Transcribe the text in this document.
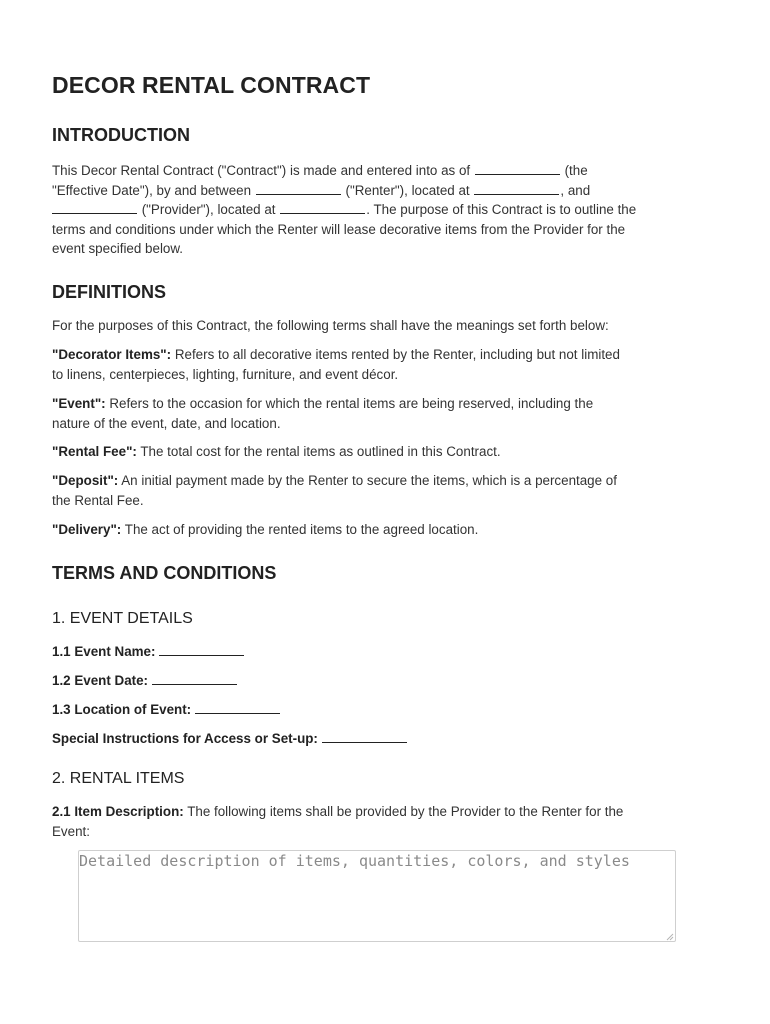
DECOR RENTAL CONTRACT
INTRODUCTION

This Decor Rental Contract ("Contract") is made and entered into as of	(the
"Effective Date"), by and between	("Renter"), located at	, and
("Provider"), located at	. The purpose of this Contract is to outline the
terms and conditions under which the Renter will lease decorative items from the Provider for the
event specified below.

DEFINITIONS

For the purposes of this Contract, the following terms shall have the meanings set forth below:

"Decorator Items": Refers to all decorative items rented by the Renter, including but not limited
to linens, centerpieces, lighting, furniture, and event décor.

"Event": Refers to the occasion for which the rental items are being reserved, including the
nature of the event, date, and location.

"Rental Fee": The total cost for the rental items as outlined in this Contract.

"Deposit": An initial payment made by the Renter to secure the items, which is a percentage of
the Rental Fee.

"Delivery": The act of providing the rented items to the agreed location.

TERMS AND CONDITIONS
1. EVENT DETAILS

1.1 Event Name:

1.2 Event Date:

1.3 Location of Event:

Special Instructions for Access or Set-up:

2. RENTAL ITEMS

2.1 Item Description: The following items shall be provided by the Provider to the Renter for the
Event:

Detailed description of items, quantities, colors, and styles
